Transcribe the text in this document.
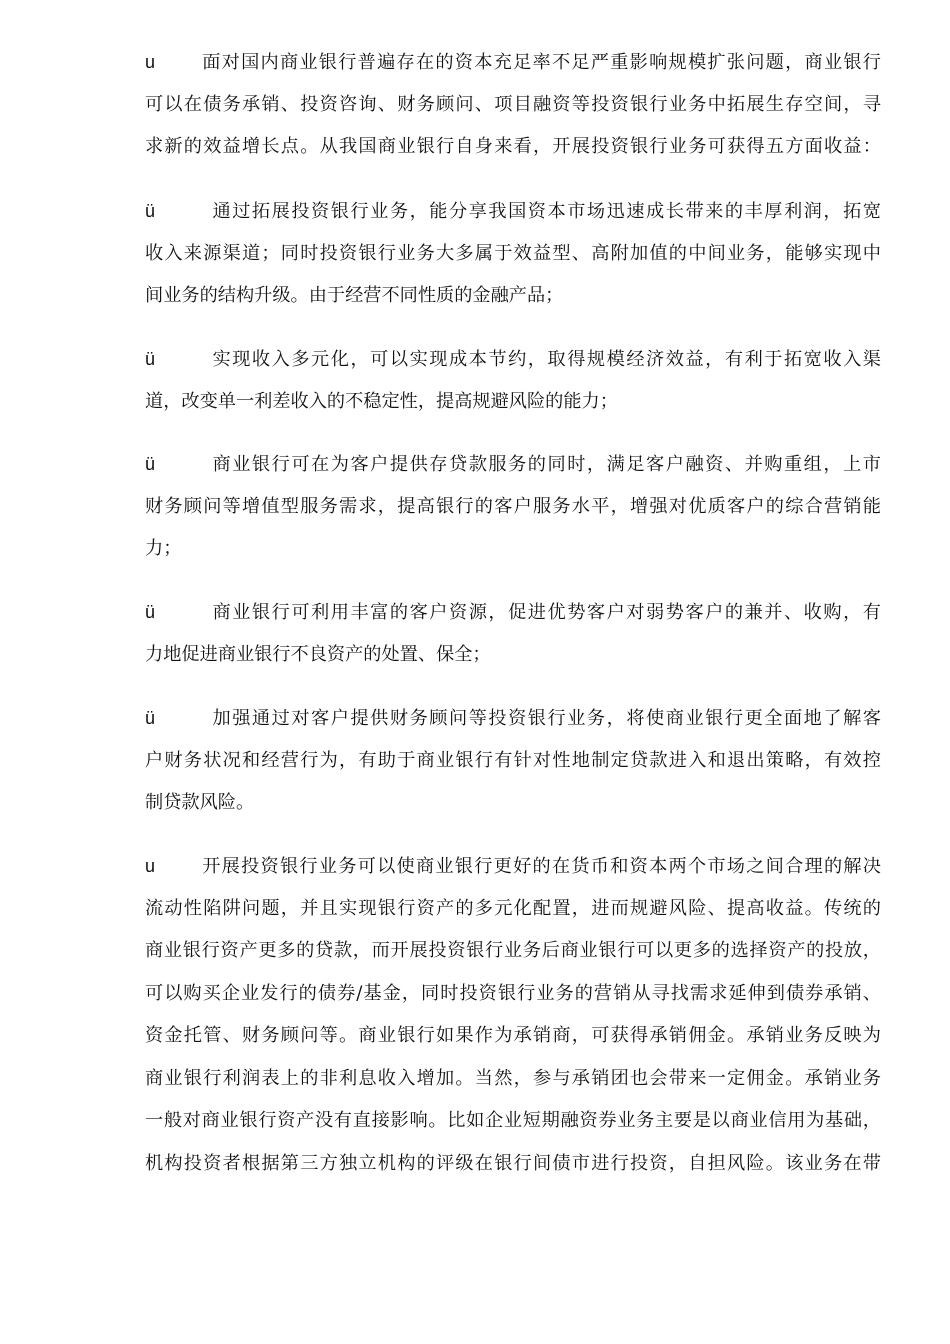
u	面对国内商业银行普遍存在的资本充足率不足严重影响规模扩张问题，商业银行
可以在债务承销、投资咨询、财务顾问、项目融资等投资银行业务中拓展生存空间，寻
求新的效益增长点。从我国商业银行自身来看，开展投资银行业务可获得五方面收益：
ü	通过拓展投资银行业务，能分享我国资本市场迅速成长带来的丰厚利润，拓宽
收入来源渠道；同时投资银行业务大多属于效益型、高附加值的中间业务，能够实现中
间业务的结构升级。由于经营不同性质的金融产品；
ü	实现收入多元化，可以实现成本节约，取得规模经济效益，有利于拓宽收入渠
道，改变单一利差收入的不稳定性，提高规避风险的能力；
ü	商业银行可在为客户提供存贷款服务的同时，满足客户融资、并购重组，上市
财务顾问等增值型服务需求，提高银行的客户服务水平，增强对优质客户的综合营销能
力；
ü	商业银行可利用丰富的客户资源，促进优势客户对弱势客户的兼并、收购，有
力地促进商业银行不良资产的处置、保全；
ü	加强通过对客户提供财务顾问等投资银行业务，将使商业银行更全面地了解客
户财务状况和经营行为，有助于商业银行有针对性地制定贷款进入和退出策略，有效控
制贷款风险。
u	开展投资银行业务可以使商业银行更好的在货币和资本两个市场之间合理的解决
流动性陷阱问题，并且实现银行资产的多元化配置，进而规避风险、提高收益。传统的
商业银行资产更多的贷款，而开展投资银行业务后商业银行可以更多的选择资产的投放，
可以购买企业发行的债券/基金，同时投资银行业务的营销从寻找需求延伸到债券承销、
资金托管、财务顾问等。商业银行如果作为承销商，可获得承销佣金。承销业务反映为
商业银行利润表上的非利息收入增加。当然，参与承销团也会带来一定佣金。承销业务
一般对商业银行资产没有直接影响。比如企业短期融资券业务主要是以商业信用为基础，
机构投资者根据第三方独立机构的评级在银行间债市进行投资，自担风险。该业务在带
